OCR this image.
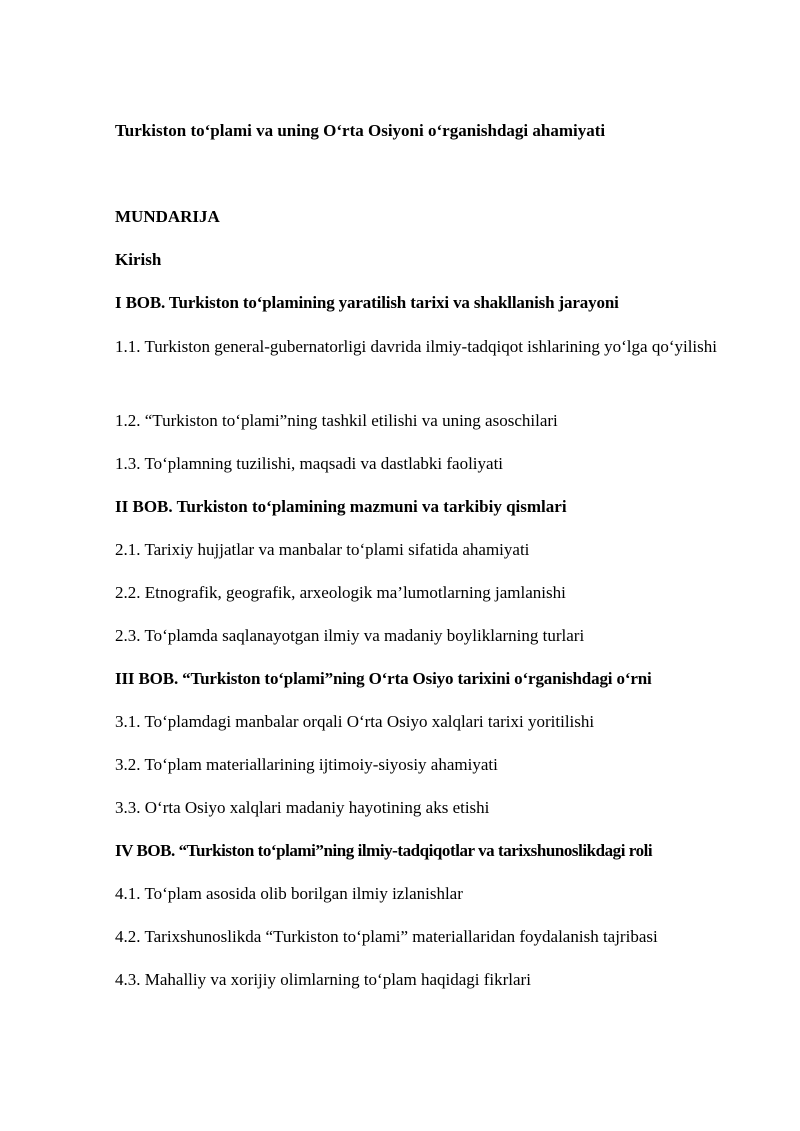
Turkiston to‘plami va uning O‘rta Osiyoni o‘rganishdagi ahamiyati
MUNDARIJA
Kirish
I BOB. Turkiston to‘plamining yaratilish tarixi va shakllanish jarayoni
1.1. Turkiston general-gubernatorligi davrida ilmiy-tadqiqot ishlarining yo‘lga qo‘yilishi
1.2. “Turkiston to‘plami”ning tashkil etilishi va uning asoschilari
1.3. To‘plamning tuzilishi, maqsadi va dastlabki faoliyati
II BOB. Turkiston to‘plamining mazmuni va tarkibiy qismlari
2.1. Tarixiy hujjatlar va manbalar to‘plami sifatida ahamiyati
2.2. Etnografik, geografik, arxeologik ma’lumotlarning jamlanishi
2.3. To‘plamda saqlanayotgan ilmiy va madaniy boyliklarning turlari
III BOB. “Turkiston to‘plami”ning O‘rta Osiyo tarixini o‘rganishdagi o‘rni
3.1. To‘plamdagi manbalar orqali O‘rta Osiyo xalqlari tarixi yoritilishi
3.2. To‘plam materiallarining ijtimoiy-siyosiy ahamiyati
3.3. O‘rta Osiyo xalqlari madaniy hayotining aks etishi
IV BOB. “Turkiston to‘plami”ning ilmiy-tadqiqotlar va tarixshunoslikdagi roli
4.1. To‘plam asosida olib borilgan ilmiy izlanishlar
4.2. Tarixshunoslikda “Turkiston to‘plami” materiallaridan foydalanish tajribasi
4.3. Mahalliy va xorijiy olimlarning to‘plam haqidagi fikrlari
